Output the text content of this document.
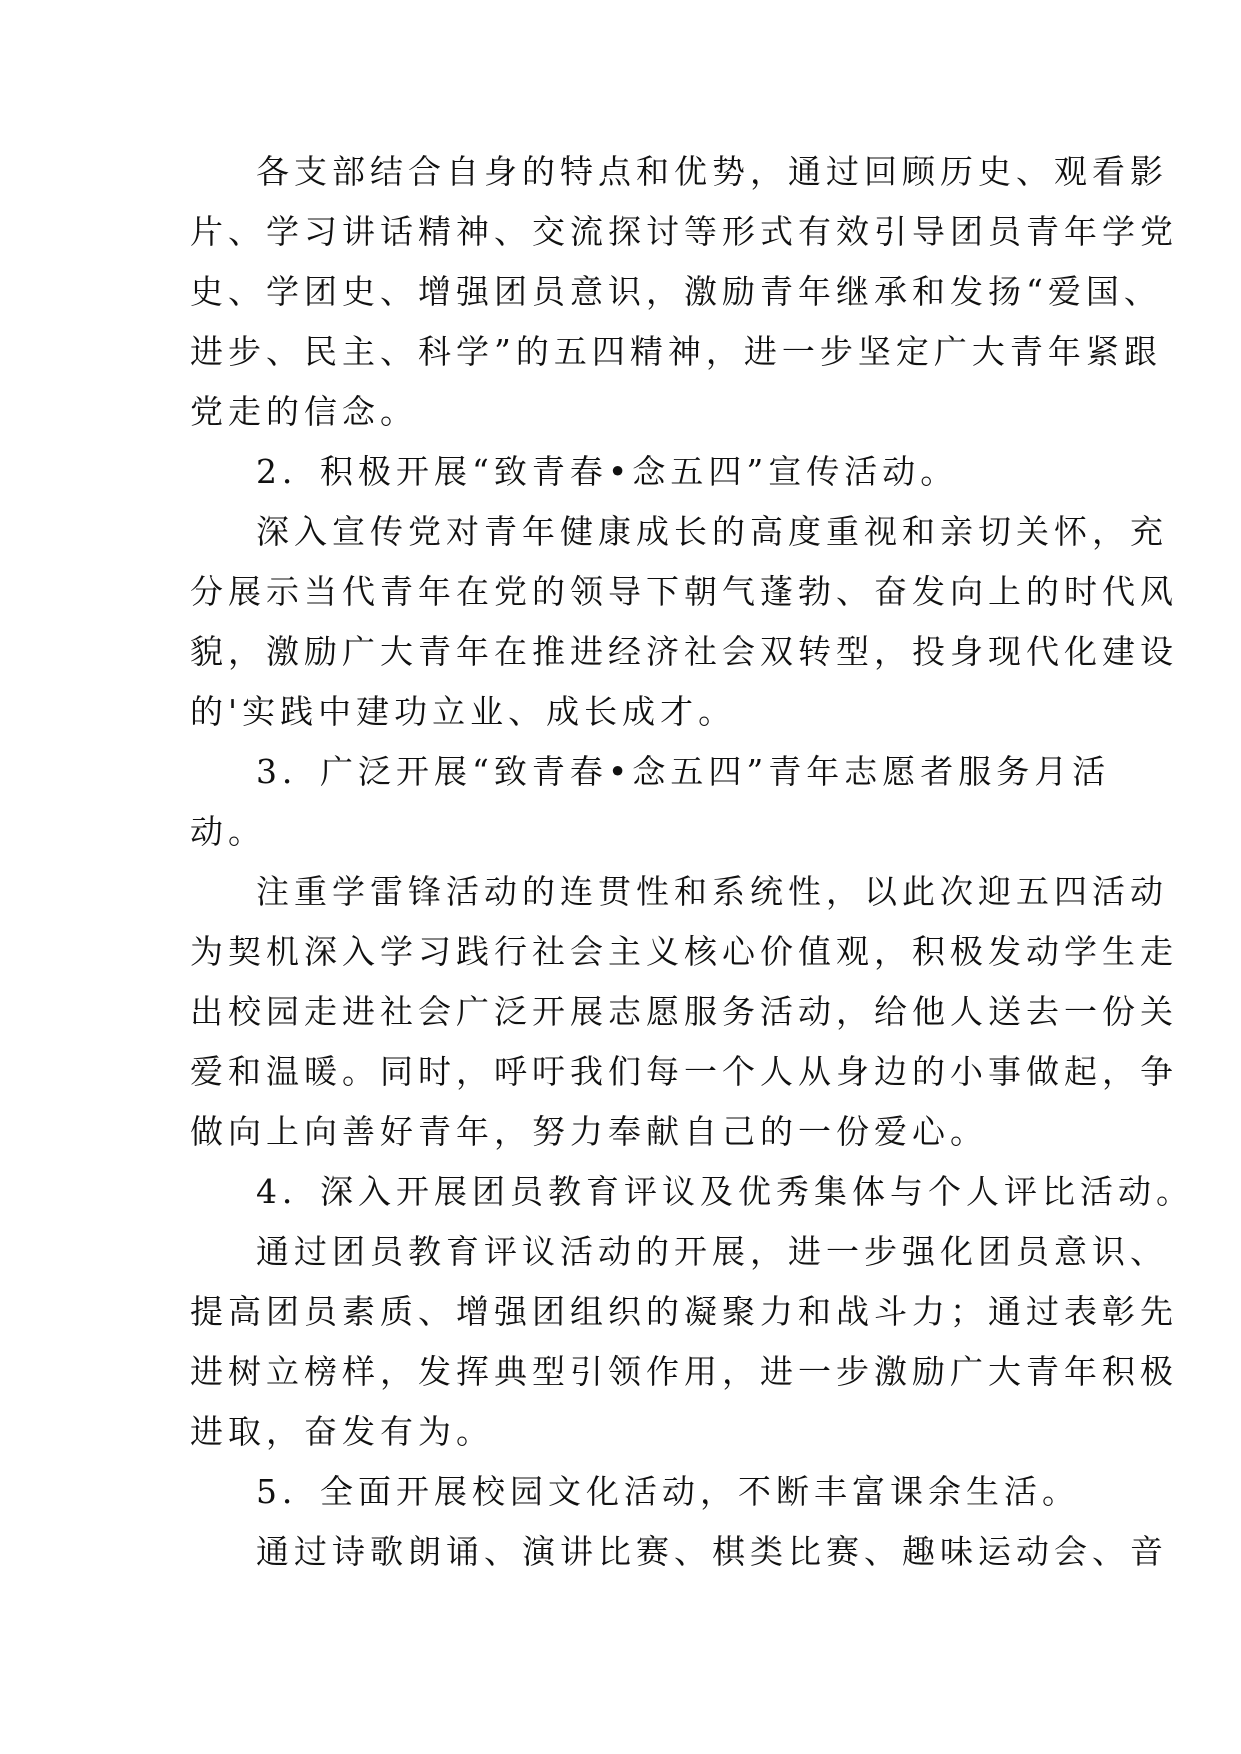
各支部结合自身的特点和优势，通过回顾历史、观看影
片、学习讲话精神、交流探讨等形式有效引导团员青年学党
史、学团史、增强团员意识，激励青年继承和发扬“爱国、
进步、民主、科学”的五四精神，进一步坚定广大青年紧跟
党走的信念。
2．积极开展“致青春•念五四”宣传活动。
深入宣传党对青年健康成长的高度重视和亲切关怀，充
分展示当代青年在党的领导下朝气蓬勃、奋发向上的时代风
貌，激励广大青年在推进经济社会双转型，投身现代化建设
的'实践中建功立业、成长成才。
3．广泛开展“致青春•念五四”青年志愿者服务月活
动。
注重学雷锋活动的连贯性和系统性，以此次迎五四活动
为契机深入学习践行社会主义核心价值观，积极发动学生走
出校园走进社会广泛开展志愿服务活动，给他人送去一份关
爱和温暖。同时，呼吁我们每一个人从身边的小事做起，争
做向上向善好青年，努力奉献自己的一份爱心。
4．深入开展团员教育评议及优秀集体与个人评比活动。
通过团员教育评议活动的开展，进一步强化团员意识、
提高团员素质、增强团组织的凝聚力和战斗力；通过表彰先
进树立榜样，发挥典型引领作用，进一步激励广大青年积极
进取，奋发有为。
5．全面开展校园文化活动，不断丰富课余生活。
通过诗歌朗诵、演讲比赛、棋类比赛、趣味运动会、音
